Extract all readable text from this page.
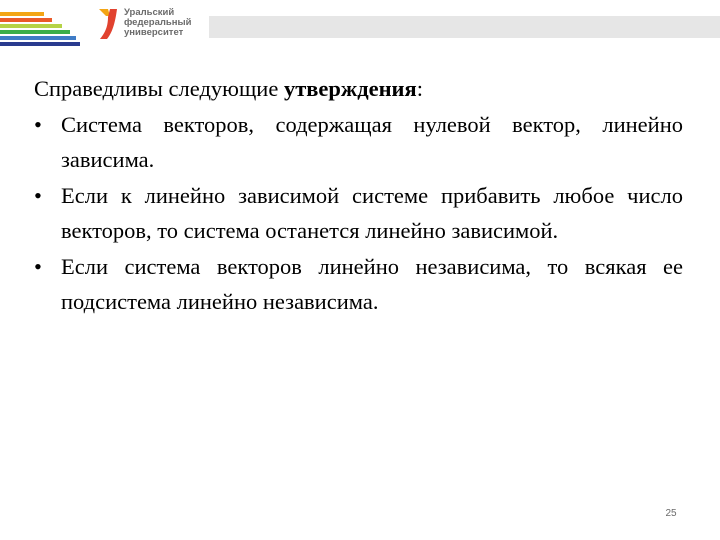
Уральский
федеральный
университет

Справедливы следующие утверждения:

• Система векторов, содержащая нулевой вектор, линейно зависима.
• Если к линейно зависимой системе прибавить любое число векторов, то система останется линейно зависимой.
• Если система векторов линейно независима, то всякая ее подсистема линейно независима.
25
